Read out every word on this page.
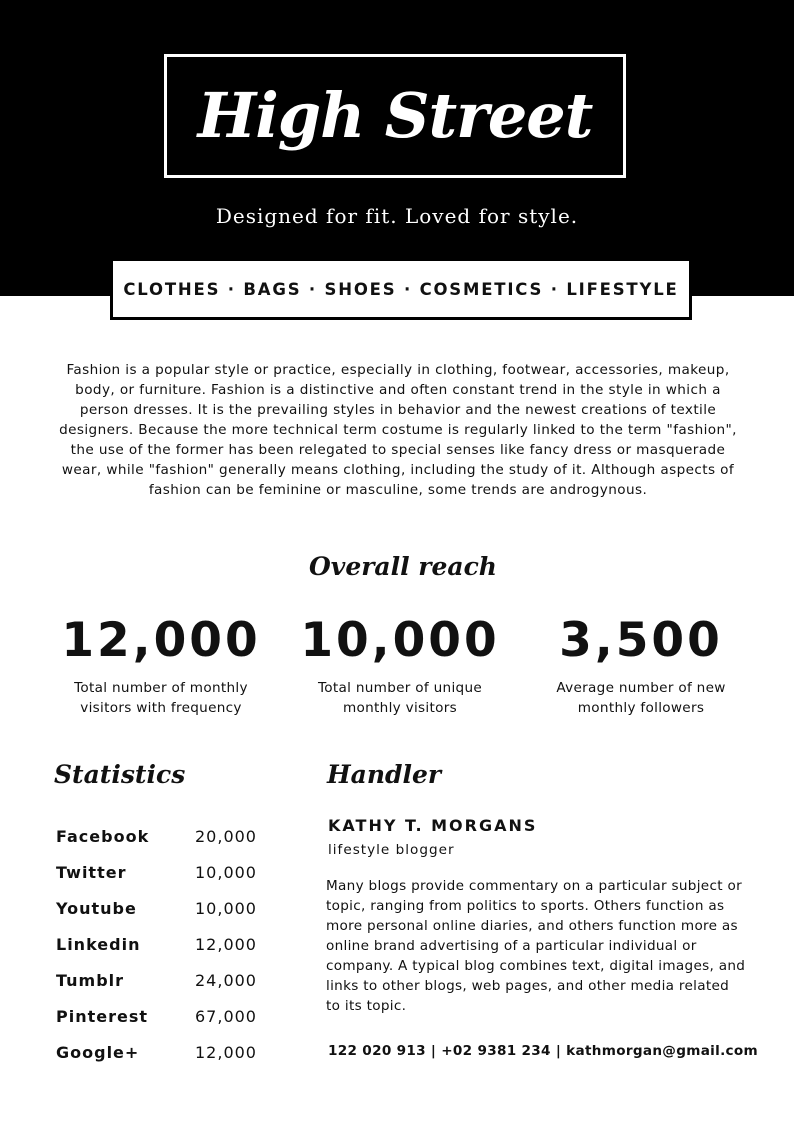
High Street
Designed for fit. Loved for style.
CLOTHES · BAGS · SHOES · COSMETICS · LIFESTYLE

Fashion is a popular style or practice, especially in clothing, footwear, accessories, makeup, body, or furniture. Fashion is a distinctive and often constant trend in the style in which a person dresses. It is the prevailing styles in behavior and the newest creations of textile designers. Because the more technical term costume is regularly linked to the term "fashion", the use of the former has been relegated to special senses like fancy dress or masquerade wear, while "fashion" generally means clothing, including the study of it. Although aspects of fashion can be feminine or masculine, some trends are androgynous.

Overall reach
12,000
Total number of monthly visitors with frequency
10,000
Total number of unique monthly visitors
3,500
Average number of new monthly followers
Statistics
Facebook	20,000
Twitter	10,000
Youtube	10,000
Linkedin	12,000
Tumblr	24,000
Pinterest	67,000
Google+	12,000
Handler
KATHY T. MORGANS
lifestyle blogger

Many blogs provide commentary on a particular subject or topic, ranging from politics to sports. Others function as more personal online diaries, and others function more as online brand advertising of a particular individual or company. A typical blog combines text, digital images, and links to other blogs, web pages, and other media related to its topic.

122 020 913 | +02 9381 234 | kathmorgan@gmail.com
